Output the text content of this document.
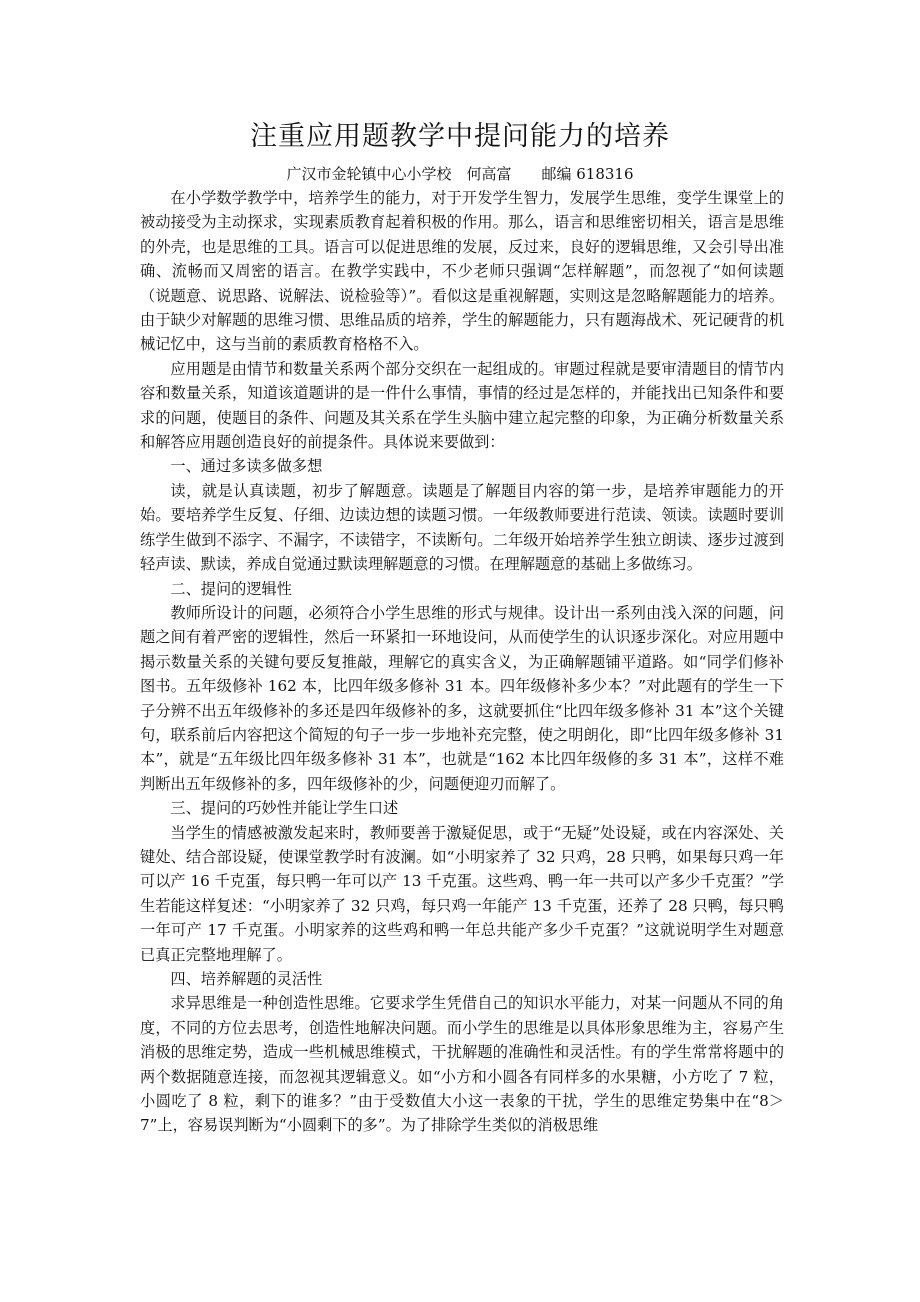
注重应用题教学中提问能力的培养
广汉市金轮镇中心小学校　何高富　　邮编 618316

在小学数学教学中，培养学生的能力，对于开发学生智力，发展学生思维，变学生课堂上的被动接受为主动探求，实现素质教育起着积极的作用。那么，语言和思维密切相关，语言是思维的外壳，也是思维的工具。语言可以促进思维的发展，反过来，良好的逻辑思维，又会引导出准确、流畅而又周密的语言。在教学实践中，不少老师只强调“怎样解题”，而忽视了“如何读题（说题意、说思路、说解法、说检验等）”。看似这是重视解题，实则这是忽略解题能力的培养。由于缺少对解题的思维习惯、思维品质的培养，学生的解题能力，只有题海战术、死记硬背的机械记忆中，这与当前的素质教育格格不入。

应用题是由情节和数量关系两个部分交织在一起组成的。审题过程就是要审清题目的情节内容和数量关系，知道该道题讲的是一件什么事情，事情的经过是怎样的，并能找出已知条件和要求的问题，使题目的条件、问题及其关系在学生头脑中建立起完整的印象，为正确分析数量关系和解答应用题创造良好的前提条件。具体说来要做到：

一、通过多读多做多想

读，就是认真读题，初步了解题意。读题是了解题目内容的第一步，是培养审题能力的开始。要培养学生反复、仔细、边读边想的读题习惯。一年级教师要进行范读、领读。读题时要训练学生做到不添字、不漏字，不读错字，不读断句。二年级开始培养学生独立朗读、逐步过渡到轻声读、默读，养成自觉通过默读理解题意的习惯。在理解题意的基础上多做练习。

二、提问的逻辑性

教师所设计的问题，必须符合小学生思维的形式与规律。设计出一系列由浅入深的问题，问题之间有着严密的逻辑性，然后一环紧扣一环地设问，从而使学生的认识逐步深化。对应用题中揭示数量关系的关键句要反复推敲，理解它的真实含义，为正确解题铺平道路。如“同学们修补图书。五年级修补 162 本，比四年级多修补 31 本。四年级修补多少本？”对此题有的学生一下子分辨不出五年级修补的多还是四年级修补的多，这就要抓住“比四年级多修补 31 本”这个关键句，联系前后内容把这个简短的句子一步一步地补充完整，使之明朗化，即“比四年级多修补 31 本”，就是“五年级比四年级多修补 31 本”，也就是“162 本比四年级修的多 31 本”，这样不难判断出五年级修补的多，四年级修补的少，问题便迎刃而解了。

三、提问的巧妙性并能让学生口述

当学生的情感被激发起来时，教师要善于激疑促思，或于“无疑”处设疑，或在内容深处、关键处、结合部设疑，使课堂教学时有波澜。如“小明家养了 32 只鸡，28 只鸭，如果每只鸡一年可以产 16 千克蛋，每只鸭一年可以产 13 千克蛋。这些鸡、鸭一年一共可以产多少千克蛋？”学生若能这样复述：“小明家养了 32 只鸡，每只鸡一年能产 13 千克蛋，还养了 28 只鸭，每只鸭一年可产 17 千克蛋。小明家养的这些鸡和鸭一年总共能产多少千克蛋？”这就说明学生对题意已真正完整地理解了。

四、培养解题的灵活性

求异思维是一种创造性思维。它要求学生凭借自己的知识水平能力，对某一问题从不同的角度，不同的方位去思考，创造性地解决问题。而小学生的思维是以具体形象思维为主，容易产生消极的思维定势，造成一些机械思维模式，干扰解题的准确性和灵活性。有的学生常常将题中的两个数据随意连接，而忽视其逻辑意义。如“小方和小圆各有同样多的水果糖，小方吃了 7 粒，小圆吃了 8 粒，剩下的谁多？”由于受数值大小这一表象的干扰，学生的思维定势集中在“8＞7”上，容易误判断为“小圆剩下的多”。为了排除学生类似的消极思维
